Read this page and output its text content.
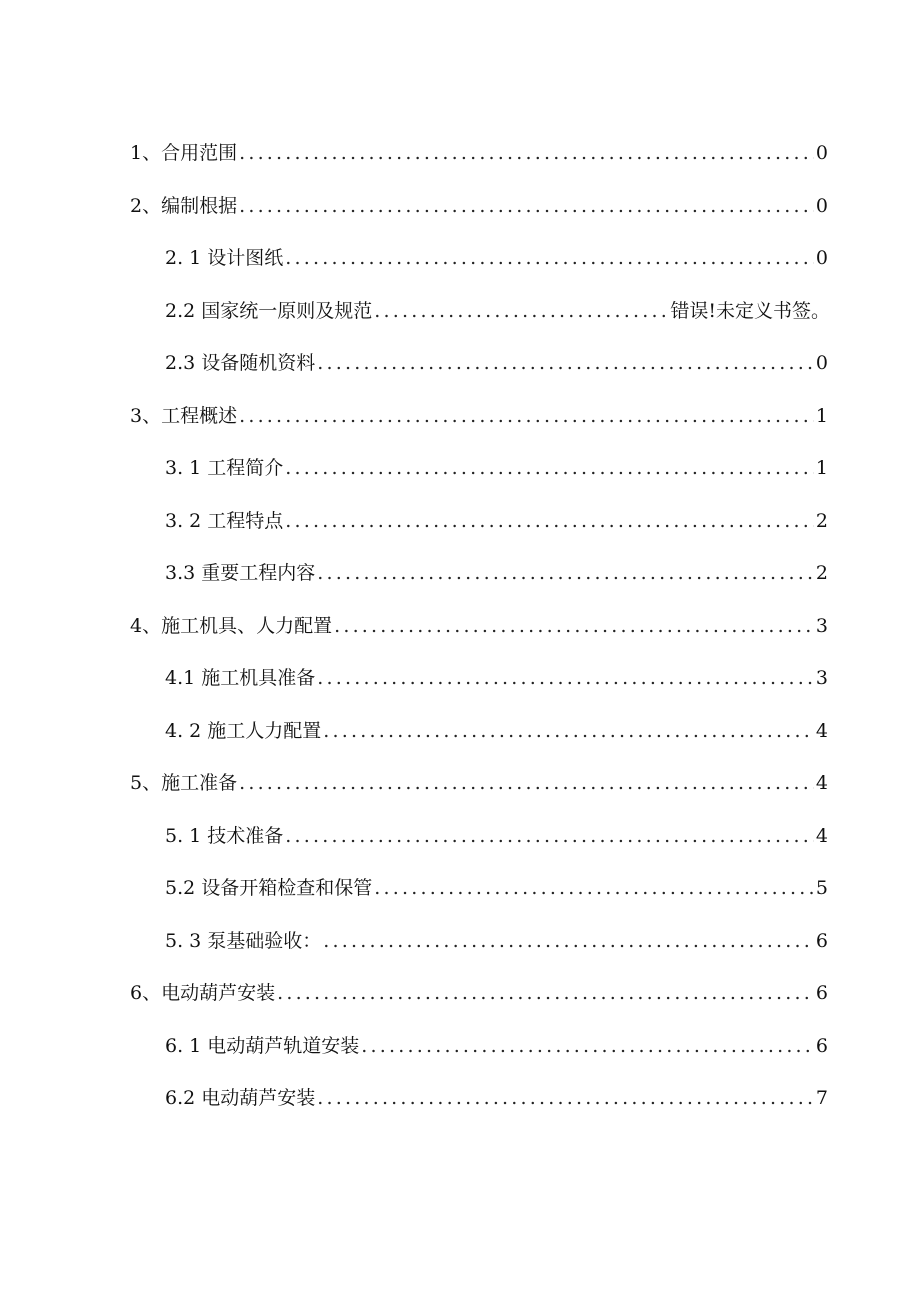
1、合用范围 .....	0
2、编制根据 .....	0
2. 1 设计图纸 .....	0
2.2 国家统一原则及规范 .....	错误!未定义书签。
2.3 设备随机资料 .....	0
3、工程概述 .....	1
3. 1 工程简介 .....	1
3. 2 工程特点 .....	2
3.3 重要工程内容 .....	2
4、施工机具、人力配置 .....	3
4.1 施工机具准备 .....	3
4. 2 施工人力配置 .....	4
5、施工准备 .....	4
5. 1 技术准备 .....	4
5.2 设备开箱检查和保管 .....	5
5. 3 泵基础验收： .....	6
6、电动葫芦安装 .....	6
6. 1 电动葫芦轨道安装 .....	6
6.2 电动葫芦安装 .....	7
